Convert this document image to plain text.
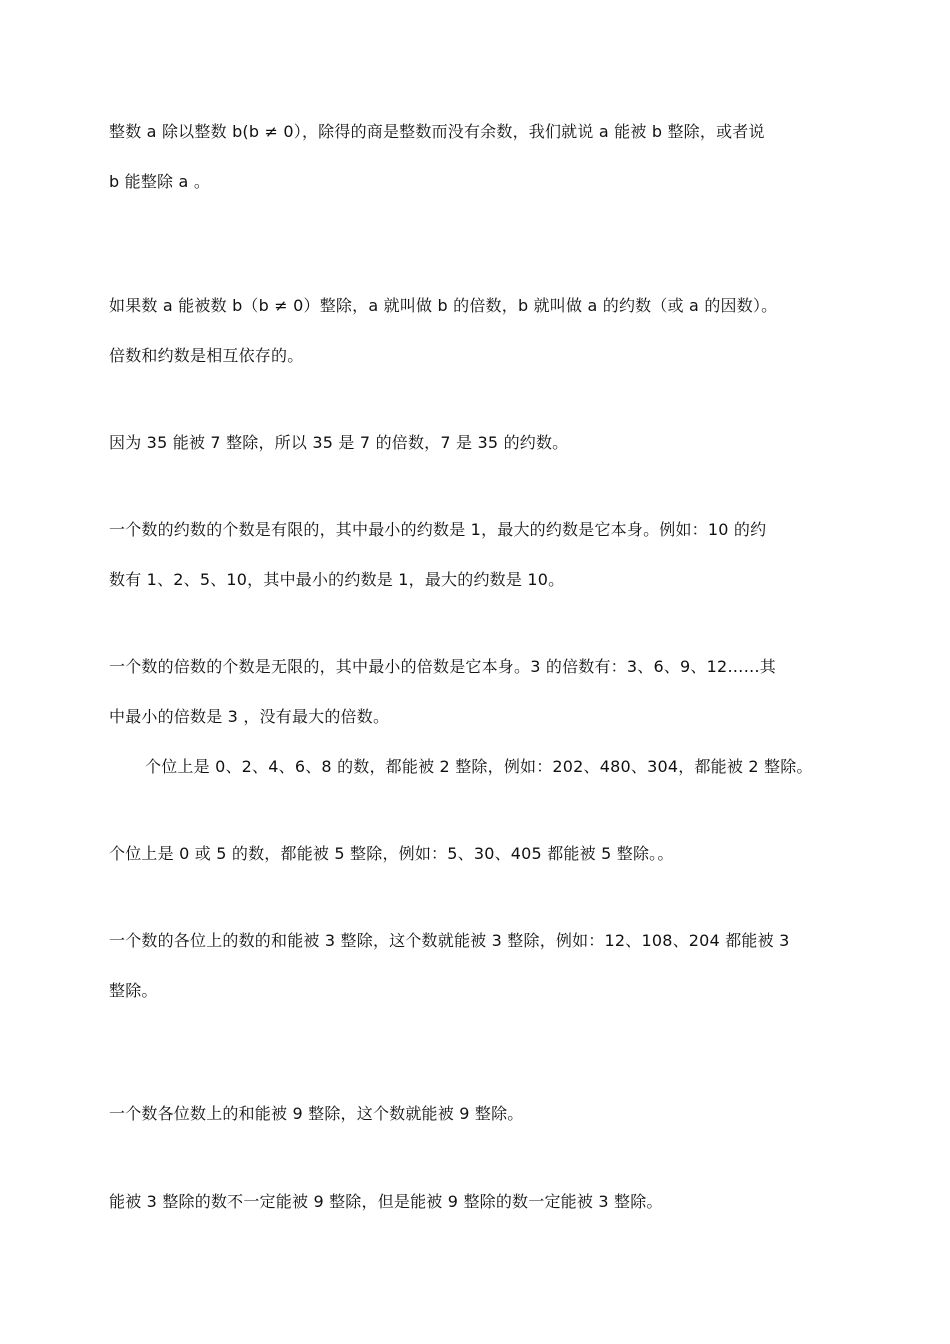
整数 a 除以整数 b(b ≠ 0），除得的商是整数而没有余数，我们就说 a 能被 b 整除，或者说
b 能整除 a 。
如果数 a 能被数 b（b ≠ 0）整除，a 就叫做 b 的倍数，b 就叫做 a 的约数（或 a 的因数）。
倍数和约数是相互依存的。
因为 35 能被 7 整除，所以 35 是 7 的倍数，7 是 35 的约数。
一个数的约数的个数是有限的，其中最小的约数是 1，最大的约数是它本身。例如：10 的约
数有 1、2、5、10，其中最小的约数是 1，最大的约数是 10。
一个数的倍数的个数是无限的，其中最小的倍数是它本身。3 的倍数有：3、6、9、12……其
中最小的倍数是 3 ，没有最大的倍数。
个位上是 0、2、4、6、8 的数，都能被 2 整除，例如：202、480、304，都能被 2 整除。
个位上是 0 或 5 的数，都能被 5 整除，例如：5、30、405 都能被 5 整除。。
一个数的各位上的数的和能被 3 整除，这个数就能被 3 整除，例如：12、108、204 都能被 3
整除。
一个数各位数上的和能被 9 整除，这个数就能被 9 整除。
能被 3 整除的数不一定能被 9 整除，但是能被 9 整除的数一定能被 3 整除。
